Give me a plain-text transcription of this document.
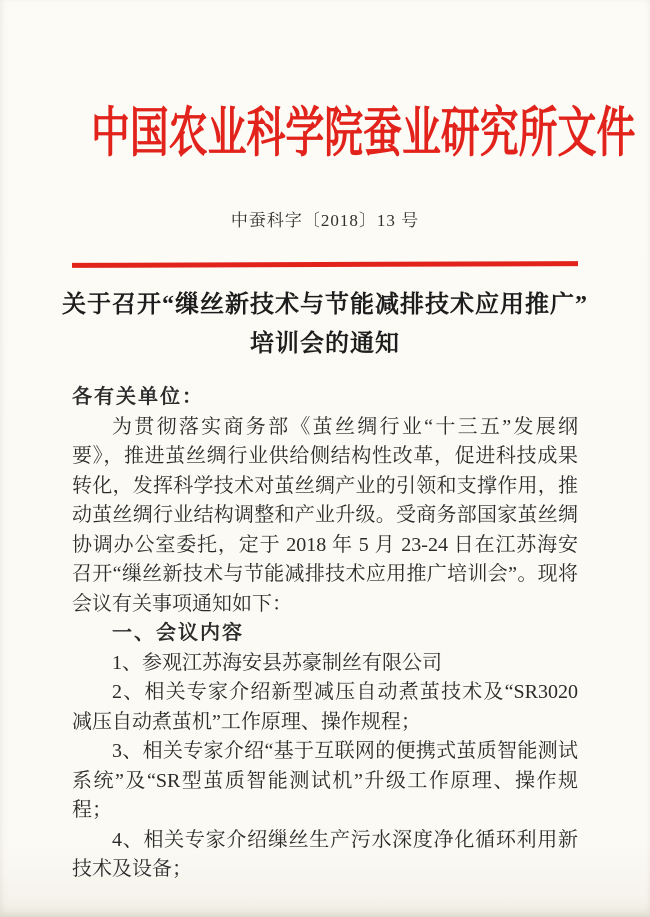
中国农业科学院蚕业研究所文件
中蚕科字〔2018〕13 号
关于召开“缫丝新技术与节能减排技术应用推广”
培训会的通知

各有关单位：

为贯彻落实商务部《茧丝绸行业“十三五”发展纲要》，推进茧丝绸行业供给侧结构性改革，促进科技成果转化，发挥科学技术对茧丝绸产业的引领和支撑作用，推动茧丝绸行业结构调整和产业升级。受商务部国家茧丝绸协调办公室委托，定于 2018 年 5 月 23-24 日在江苏海安召开“缫丝新技术与节能减排技术应用推广培训会”。现将会议有关事项通知如下：

一、会议内容

1、参观江苏海安县苏豪制丝有限公司

2、相关专家介绍新型减压自动煮茧技术及“SR3020 减压自动煮茧机”工作原理、操作规程；

3、相关专家介绍“基于互联网的便携式茧质智能测试系统”及“SR型茧质智能测试机”升级工作原理、操作规程；

4、相关专家介绍缫丝生产污水深度净化循环利用新技术及设备；
